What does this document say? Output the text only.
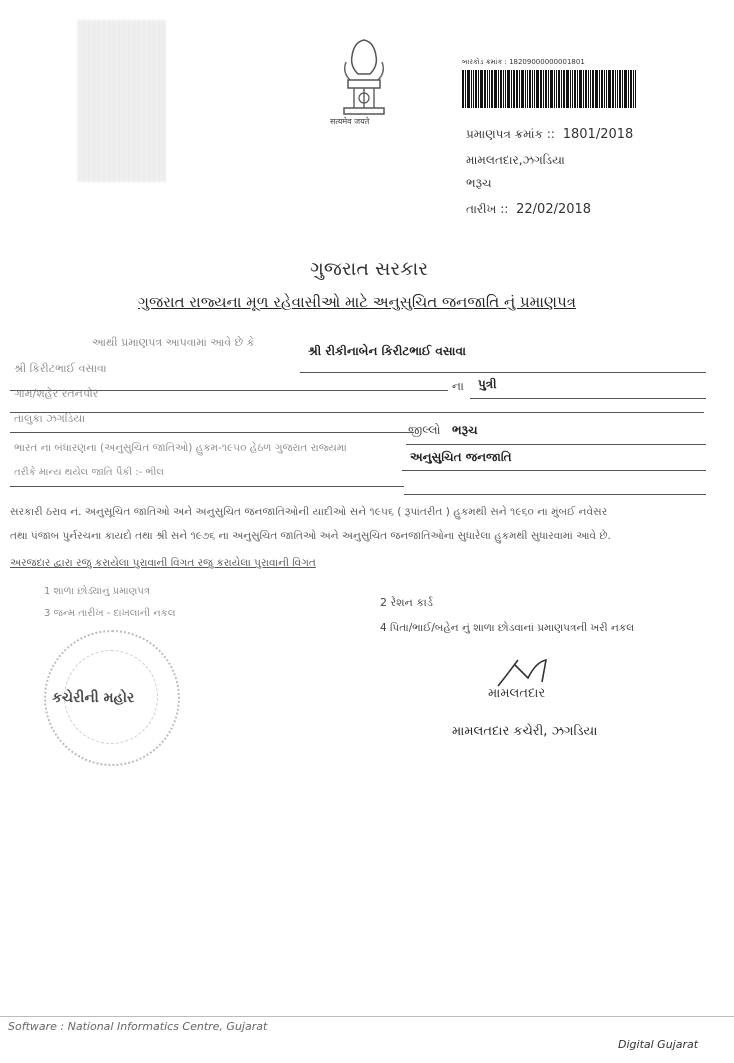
सत्यमेव जयते
બારકોડ ક્રમાંક : 18209000000001801
પ્રમાણપત્ર ક્રમાંક :: 1801/2018
મામલતદાર,ઝગડિયા
ભરૂચ
તારીખ :: 22/02/2018
ગુજરાત સરકાર
ગુજરાત રાજ્યના મૂળ રહેવાસીઓ માટે અનુસુચિત જનજાતિ નું પ્રમાણપત્ર
આથી પ્રમાણપત્ર આપવામાં આવે છે કે
શ્રી રીકીનાબેન કિરીટભાઈ વસાવા
શ્રી કિરીટભાઈ વસાવા
ના પુત્રી
ગામ/શહેર રતનપોર
તાલુકા ઝગડિયા
જીલ્લો ભરૂચ
ભારત ના બંધારણના (અનુસુચિત જાતિઓ) હુકમ-૧૯૫૦ હેઠળ ગુજરાત રાજ્યમાં
અનુસુચિત જનજાતિ
તરીકે માન્ય થયેલ જાતિ પૈકી :- ભીલ
સરકારી ઠરાવ નં. અનુસૂચિત જાતિઓ અને અનુસુચિત જનજાતિઓની યાદીઓ સને ૧૯૫૬ ( રૂપાંતરીત ) હુકમથી સને ૧૯૬૦ ના મુંબઈ નવેસર
તથા પંજાબ પુર્નરચના કાયદો તથા શ્રી સને ૧૯૭૬ ના અનુસુચિત જાતિઓ અને અનુસુચિત જનજાતિઓના સુધારેલા હુકમથી સુધારવામાં આવે છે.
અરજદાર દ્વારા રજુ કરાયેલા પુરાવાની વિગત રજુ કરાયેલા પુરાવાની વિગત
1 શાળા છોડ્યાનું પ્રમાણપત્ર
2 રેશન કાર્ડ
3 જન્મ તારીખ - દાખલાની નકલ
4 પિતા/ભાઈ/બહેન નું શાળા છોડવાનાં પ્રમાણપત્રની ખરી નકલ
કચેરીની મહોર	મામલતદાર
મામલતદાર કચેરી, ઝગડિયા
Software : National Informatics Centre, Gujarat
Digital Gujarat
